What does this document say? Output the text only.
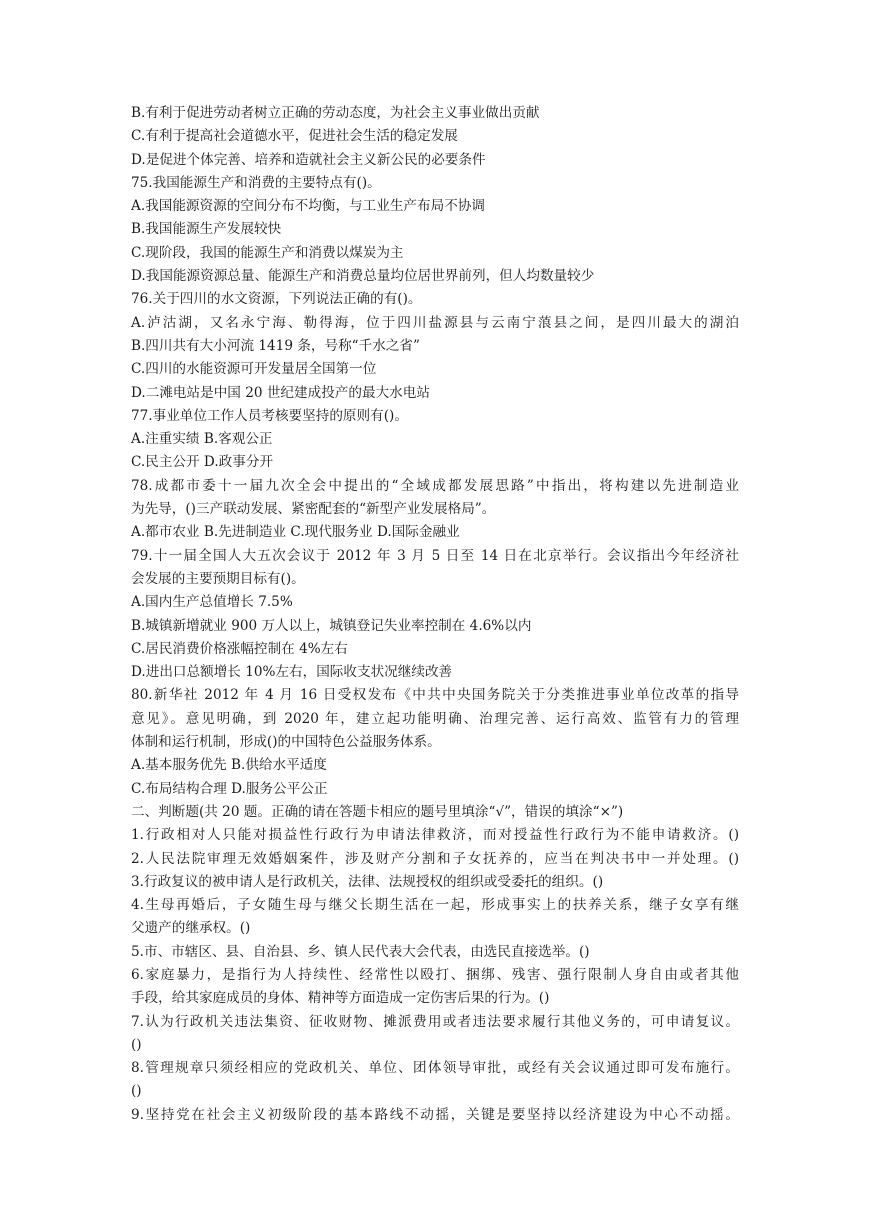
B.有利于促进劳动者树立正确的劳动态度，为社会主义事业做出贡献
C.有利于提高社会道德水平，促进社会生活的稳定发展
D.是促进个体完善、培养和造就社会主义新公民的必要条件
75.我国能源生产和消费的主要特点有()。
A.我国能源资源的空间分布不均衡，与工业生产布局不协调
B.我国能源生产发展较快
C.现阶段，我国的能源生产和消费以煤炭为主
D.我国能源资源总量、能源生产和消费总量均位居世界前列，但人均数量较少
76.关于四川的水文资源，下列说法正确的有()。
A.泸沽湖，又名永宁海、勒得海，位于四川盐源县与云南宁蒗县之间，是四川最大的湖泊
B.四川共有大小河流 1419 条，号称“千水之省”
C.四川的水能资源可开发量居全国第一位
D.二滩电站是中国 20 世纪建成投产的最大水电站
77.事业单位工作人员考核要坚持的原则有()。
A.注重实绩 B.客观公正
C.民主公开 D.政事分开
78.成都市委十一届九次全会中提出的“全域成都发展思路”中指出，将构建以先进制造业
为先导，()三产联动发展、紧密配套的“新型产业发展格局”。
A.都市农业 B.先进制造业 C.现代服务业 D.国际金融业
79.十一届全国人大五次会议于 2012 年 3 月 5 日至 14 日在北京举行。会议指出今年经济社
会发展的主要预期目标有()。
A.国内生产总值增长 7.5%
B.城镇新增就业 900 万人以上，城镇登记失业率控制在 4.6%以内
C.居民消费价格涨幅控制在 4%左右
D.进出口总额增长 10%左右，国际收支状况继续改善
80.新华社 2012 年 4 月 16 日受权发布《中共中央国务院关于分类推进事业单位改革的指导
意见》。意见明确，到 2020 年，建立起功能明确、治理完善、运行高效、监管有力的管理
体制和运行机制，形成()的中国特色公益服务体系。
A.基本服务优先 B.供给水平适度
C.布局结构合理 D.服务公平公正
二、判断题(共 20 题。正确的请在答题卡相应的题号里填涂“√”，错误的填涂“×”)
1.行政相对人只能对损益性行政行为申请法律救济，而对授益性行政行为不能申请救济。()
2.人民法院审理无效婚姻案件，涉及财产分割和子女抚养的，应当在判决书中一并处理。()
3.行政复议的被申请人是行政机关，法律、法规授权的组织或受委托的组织。()
4.生母再婚后，子女随生母与继父长期生活在一起，形成事实上的扶养关系，继子女享有继
父遗产的继承权。()
5.市、市辖区、县、自治县、乡、镇人民代表大会代表，由选民直接选举。()
6.家庭暴力，是指行为人持续性、经常性以殴打、捆绑、残害、强行限制人身自由或者其他
手段，给其家庭成员的身体、精神等方面造成一定伤害后果的行为。()
7.认为行政机关违法集资、征收财物、摊派费用或者违法要求履行其他义务的，可申请复议。
()
8.管理规章只须经相应的党政机关、单位、团体领导审批，或经有关会议通过即可发布施行。
()
9.坚持党在社会主义初级阶段的基本路线不动摇，关键是要坚持以经济建设为中心不动摇。
